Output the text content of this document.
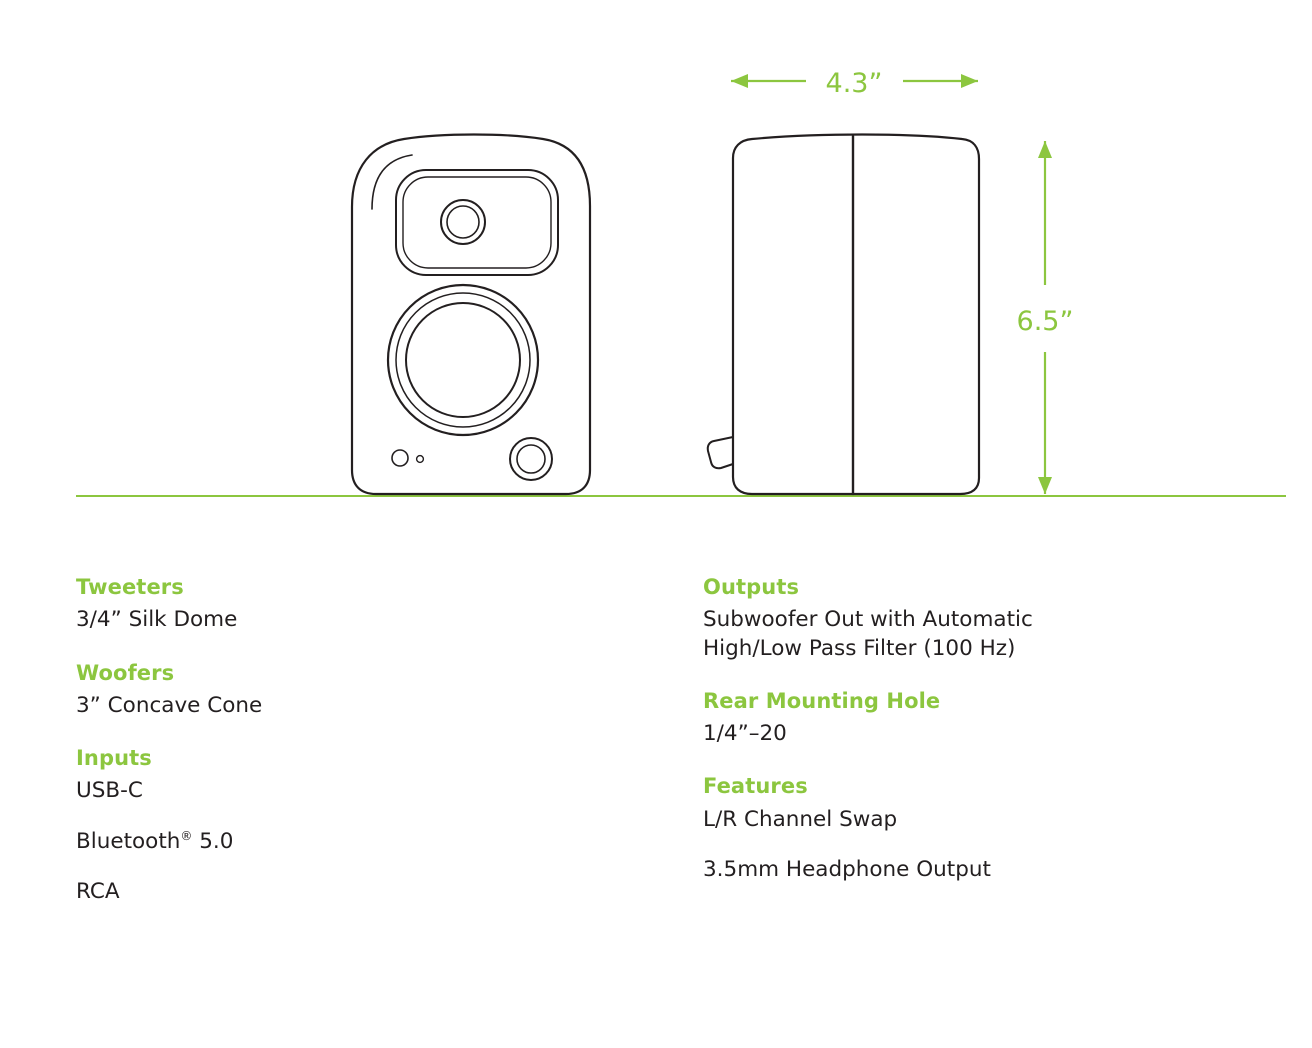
4.3”
6.5”
Tweeters
3/4” Silk Dome
Woofers
3” Concave Cone
Inputs
USB-C
Bluetooth® 5.0
RCA
Outputs
Subwoofer Out with Automatic High/Low Pass Filter (100 Hz)
Rear Mounting Hole
1/4”–20
Features
L/R Channel Swap
3.5mm Headphone Output
